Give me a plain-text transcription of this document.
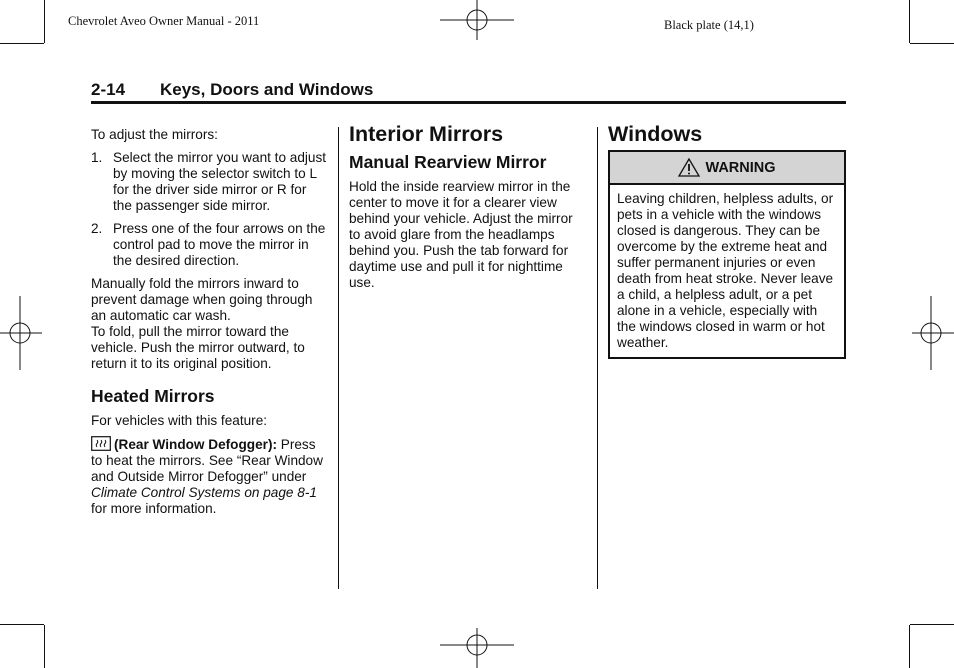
Chevrolet Aveo Owner Manual - 2011	Black plate (14,1)
2-14 Keys, Doors and Windows

To adjust the mirrors:

1. Select the mirror you want to adjust by moving the selector switch to L for the driver side mirror or R for the passenger side mirror.
2. Press one of the four arrows on the control pad to move the mirror in the desired direction.

Manually fold the mirrors inward to prevent damage when going through an automatic car wash.
To fold, pull the mirror toward the vehicle. Push the mirror outward, to return it to its original position.

Heated Mirrors

For vehicles with this feature:

(Rear Window Defogger): Press to heat the mirrors. See “Rear Window and Outside Mirror Defogger” under Climate Control Systems on page 8‑1 for more information.

Interior Mirrors
Manual Rearview Mirror

Hold the inside rearview mirror in the center to move it for a clearer view behind your vehicle. Adjust the mirror to avoid glare from the headlamps behind you. Push the tab forward for daytime use and pull it for nighttime use.

Windows
WARNING

Leaving children, helpless adults, or pets in a vehicle with the windows closed is dangerous. They can be overcome by the extreme heat and suffer permanent injuries or even death from heat stroke. Never leave a child, a helpless adult, or a pet alone in a vehicle, especially with the windows closed in warm or hot weather.
